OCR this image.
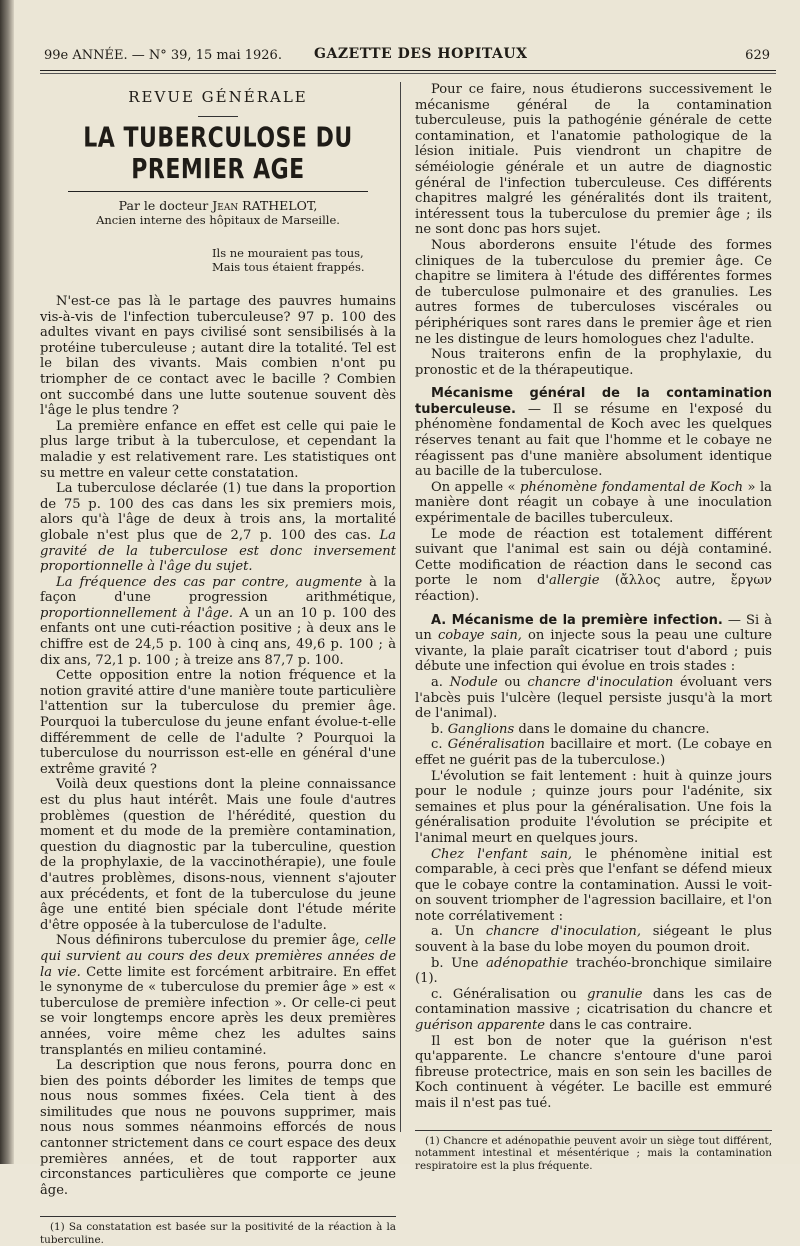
99e ANNÉE. — N° 39, 15 mai 1926. GAZETTE DES HOPITAUX	629
REVUE GÉNÉRALE
LA TUBERCULOSE DU PREMIER AGE
Par le docteur Jean RATHELOT,
Ancien interne des hôpitaux de Marseille.
Ils ne mouraient pas tous,
Mais tous étaient frappés.

N'est-ce pas là le partage des pauvres humains vis-à-vis de l'infection tuberculeuse? 97 p. 100 des adultes vivant en pays civilisé sont sensibilisés à la protéine tuberculeuse ; autant dire la totalité. Tel est le bilan des vivants. Mais combien n'ont pu triompher de ce contact avec le bacille ? Combien ont succombé dans une lutte soutenue souvent dès l'âge le plus tendre ?

La première enfance en effet est celle qui paie le plus large tribut à la tuberculose, et cependant la maladie y est relativement rare. Les statistiques ont su mettre en valeur cette constatation.

La tuberculose déclarée (1) tue dans la proportion de 75 p. 100 des cas dans les six premiers mois, alors qu'à l'âge de deux à trois ans, la mortalité globale n'est plus que de 2,7 p. 100 des cas. La gravité de la tuberculose est donc inversement proportionnelle à l'âge du sujet.

La fréquence des cas par contre, augmente à la façon d'une progression arithmétique, proportionnellement à l'âge. A un an 10 p. 100 des enfants ont une cuti-réaction positive ; à deux ans le chiffre est de 24,5 p. 100 à cinq ans, 49,6 p. 100 ; à dix ans, 72,1 p. 100 ; à treize ans 87,7 p. 100.

Cette opposition entre la notion fréquence et la notion gravité attire d'une manière toute particulière l'attention sur la tuberculose du premier âge. Pourquoi la tuberculose du jeune enfant évolue-t-elle différemment de celle de l'adulte ? Pourquoi la tuberculose du nourrisson est-elle en général d'une extrême gravité ?

Voilà deux questions dont la pleine connaissance est du plus haut intérêt. Mais une foule d'autres problèmes (question de l'hérédité, question du moment et du mode de la première contamination, question du diagnostic par la tuberculine, question de la prophylaxie, de la vaccinothérapie), une foule d'autres problèmes, disons-nous, viennent s'ajouter aux précédents, et font de la tuberculose du jeune âge une entité bien spéciale dont l'étude mérite d'être opposée à la tuberculose de l'adulte.

Nous définirons tuberculose du premier âge, celle qui survient au cours des deux premières années de la vie. Cette limite est forcément arbitraire. En effet le synonyme de « tuberculose du premier âge » est « tuberculose de première infection ». Or celle-ci peut se voir longtemps encore après les deux premières années, voire même chez les adultes sains transplantés en milieu contaminé.

La description que nous ferons, pourra donc en bien des points déborder les limites de temps que nous nous sommes fixées. Cela tient à des similitudes que nous ne pouvons supprimer, mais nous nous sommes néanmoins efforcés de nous cantonner strictement dans ce court espace des deux premières années, et de tout rapporter aux circonstances particulières que comporte ce jeune âge.

(1) Sa constatation est basée sur la positivité de la réaction à la tuberculine.

Pour ce faire, nous étudierons successivement le mécanisme général de la contamination tuberculeuse, puis la pathogénie générale de cette contamination, et l'anatomie pathologique de la lésion initiale. Puis viendront un chapitre de séméiologie générale et un autre de diagnostic général de l'infection tuberculeuse. Ces différents chapitres malgré les généralités dont ils traitent, intéressent tous la tuberculose du premier âge ; ils ne sont donc pas hors sujet.

Nous aborderons ensuite l'étude des formes cliniques de la tuberculose du premier âge. Ce chapitre se limitera à l'étude des différentes formes de tuberculose pulmonaire et des granulies. Les autres formes de tuberculoses viscérales ou périphériques sont rares dans le premier âge et rien ne les distingue de leurs homologues chez l'adulte.

Nous traiterons enfin de la prophylaxie, du pronostic et de la thérapeutique.

Mécanisme général de la contamination tuberculeuse. — Il se résume en l'exposé du phénomène fondamental de Koch avec les quelques réserves tenant au fait que l'homme et le cobaye ne réagissent pas d'une manière absolument identique au bacille de la tuberculose.

On appelle « phénomène fondamental de Koch » la manière dont réagit un cobaye à une inoculation expérimentale de bacilles tuberculeux.

Le mode de réaction est totalement différent suivant que l'animal est sain ou déjà contaminé. Cette modification de réaction dans le second cas porte le nom d'allergie (ἄλλος autre, ἔργων réaction).

A. Mécanisme de la première infection. — Si à un cobaye sain, on injecte sous la peau une culture vivante, la plaie paraît cicatriser tout d'abord ; puis débute une infection qui évolue en trois stades :

a. Nodule ou chancre d'inoculation évoluant vers l'abcès puis l'ulcère (lequel persiste jusqu'à la mort de l'animal).

b. Ganglions dans le domaine du chancre.

c. Généralisation bacillaire et mort. (Le cobaye en effet ne guérit pas de la tuberculose.)

L'évolution se fait lentement : huit à quinze jours pour le nodule ; quinze jours pour l'adénite, six semaines et plus pour la généralisation. Une fois la généralisation produite l'évolution se précipite et l'animal meurt en quelques jours.

Chez l'enfant sain, le phénomène initial est comparable, à ceci près que l'enfant se défend mieux que le cobaye contre la contamination. Aussi le voit-on souvent triompher de l'agression bacillaire, et l'on note corrélativement :

a. Un chancre d'inoculation, siégeant le plus souvent à la base du lobe moyen du poumon droit.

b. Une adénopathie trachéo-bronchique similaire (1).

c. Généralisation ou granulie dans les cas de contamination massive ; cicatrisation du chancre et guérison apparente dans le cas contraire.

Il est bon de noter que la guérison n'est qu'apparente. Le chancre s'entoure d'une paroi fibreuse protectrice, mais en son sein les bacilles de Koch continuent à végéter. Le bacille est emmuré mais il n'est pas tué.

(1) Chancre et adénopathie peuvent avoir un siège tout différent, notamment intestinal et mésentérique ; mais la contamination respiratoire est la plus fréquente.
